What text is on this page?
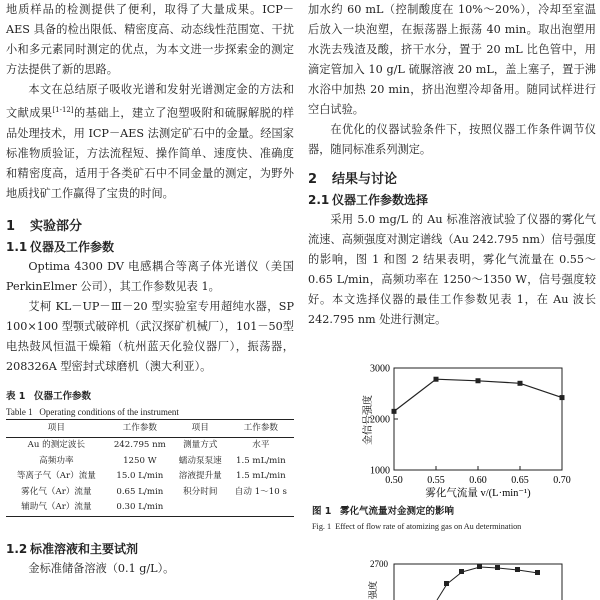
地质样品的检测提供了便利，取得了大量成果。ICP－AES 具备的检出限低、精密度高、动态线性范围宽、干扰小和多元素同时测定的优点，为本文进一步探索金的测定方法提供了新的思路。

本文在总结原子吸收光谱和发射光谱测定金的方法和文献成果[1-12]的基础上，建立了泡塑吸附和硫脲解脱的样品处理技术，用 ICP－AES 法测定矿石中的金量。经国家标准物质验证，方法流程短、操作简单、速度快、准确度和精密度高，适用于各类矿石中不同金量的测定，为野外地质找矿工作赢得了宝贵的时间。

1 实验部分

1.1 仪器及工作参数

Optima 4300 DV 电感耦合等离子体光谱仪（美国 PerkinElmer 公司），其工作参数见表 1。

艾柯 KL－UP－Ⅲ－20 型实验室专用超纯水器，SP 100×100 型颚式破碎机（武汉探矿机械厂），101－50型电热鼓风恒温干燥箱（杭州蓝天化验仪器厂），振荡器，208326A 型密封式球磨机（澳大利亚）。

表 1 仪器工作参数

Table 1 Operating conditions of the instrument

项目	工作参数	项目	工作参数
Au 的测定波长	242.795 nm	测量方式	水平
高频功率	1250 W	蠕动泵泵速	1.5 mL/min
等离子气（Ar）流量	15.0 L/min	溶液提升量	1.5 mL/min
雾化气（Ar）流量	0.65 L/min	积分时间	自动 1～10 s
辅助气（Ar）流量	0.30 L/min		

1.2 标准溶液和主要试剂

金标准储备溶液（0.1 g/L）。

加水约 60 mL（控制酸度在 10%～20%），冷却至室温后放入一块泡塑，在振荡器上振荡 40 min。取出泡塑用水洗去残渣及酸，挤干水分，置于 20 mL 比色管中，用滴定管加入 10 g/L 硫脲溶液 20 mL，盖上塞子，置于沸水浴中加热 20 min，挤出泡塑冷却备用。随同试样进行空白试验。

在优化的仪器试验条件下，按照仪器工作条件调节仪器，随同标准系列测定。

2 结果与讨论

2.1 仪器工作参数选择

采用 5.0 mg/L 的 Au 标准溶液试验了仪器的雾化气流速、高频强度对测定谱线（Au 242.795 nm）信号强度的影响，图 1 和图 2 结果表明，雾化气流量在 0.55～0.65 L/min，高频功率在 1250～1350 W，信号强度较好。本文选择仪器的最佳工作参数见表 1，在 Au 波长 242.795 nm 处进行测定。

1000
2000
3000
0.50 0.55 0.60 0.65 0.70
金信号强度
雾化气流量 v/(L·min⁻¹)

图 1 雾化气流量对金测定的影响

Fig. 1 Effect of flow rate of atomizing gas on Au determination

2700
强度
